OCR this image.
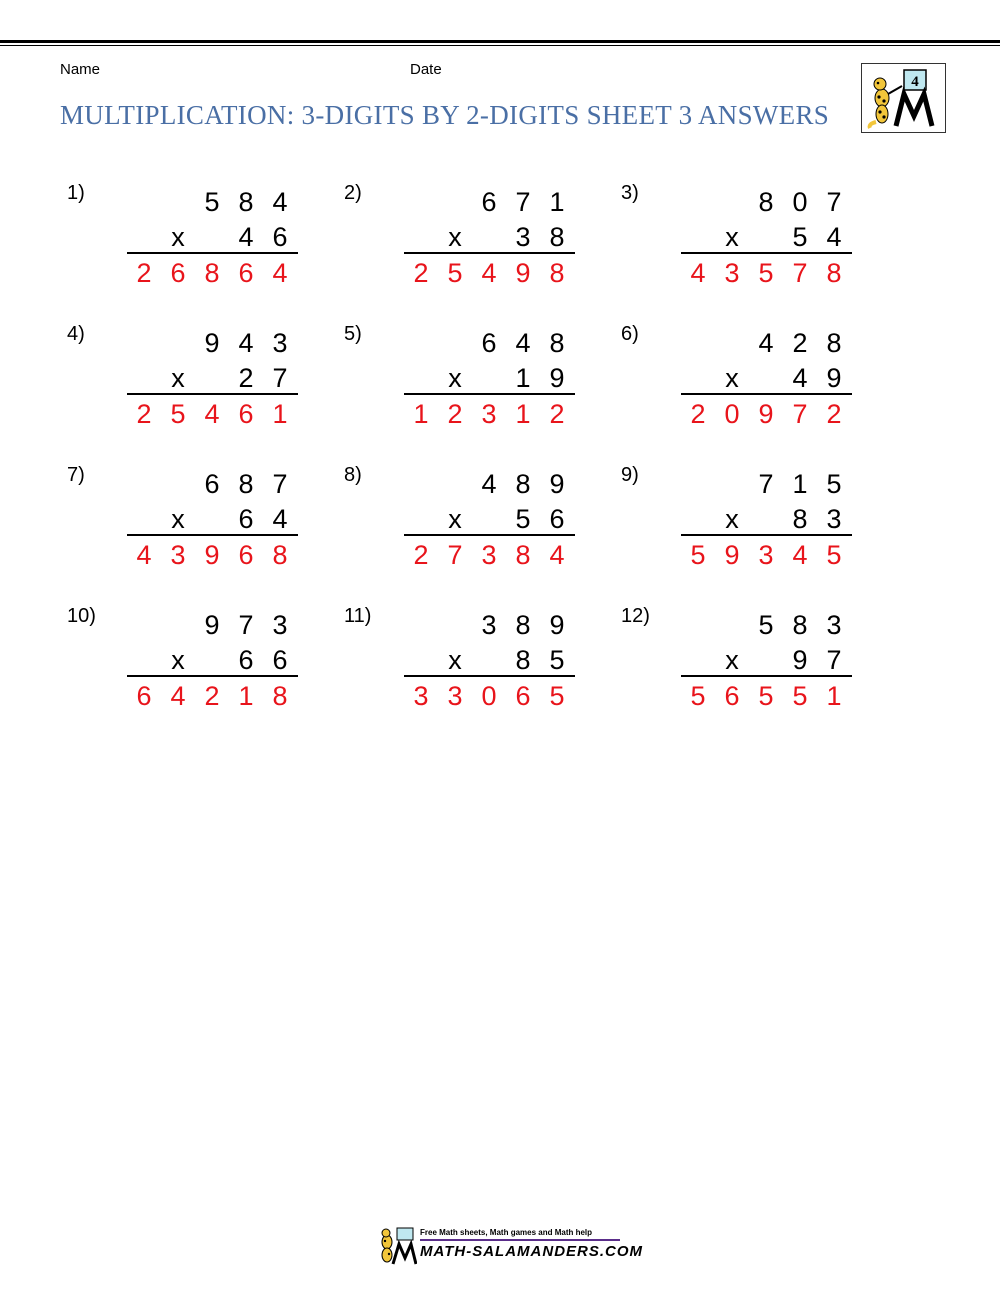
Name	Date
MULTIPLICATION: 3-DIGITS BY 2-DIGITS SHEET 3 ANSWERS
4
1)	5 8 4
x	4 6
2 6 8 6 4
2)	6 7 1
x	3 8
2 5 4 9 8
3)	8 0 7
x	5 4
4 3 5 7 8
4)	9 4 3
x	2 7
2 5 4 6 1
5)	6 4 8
x	1 9
1 2 3 1 2
6)	4 2 8
x	4 9
2 0 9 7 2
7)	6 8 7
x	6 4
4 3 9 6 8
8)	4 8 9
x	5 6
2 7 3 8 4
9)	7 1 5
x	8 3
5 9 3 4 5
10)	9 7 3
x	6 6
6 4 2 1 8
11)	3 8 9
x	8 5
3 3 0 6 5
12)	5 8 3
x	9 7
5 6 5 5 1
Free Math sheets, Math games and Math help
MATH-SALAMANDERS.COM
